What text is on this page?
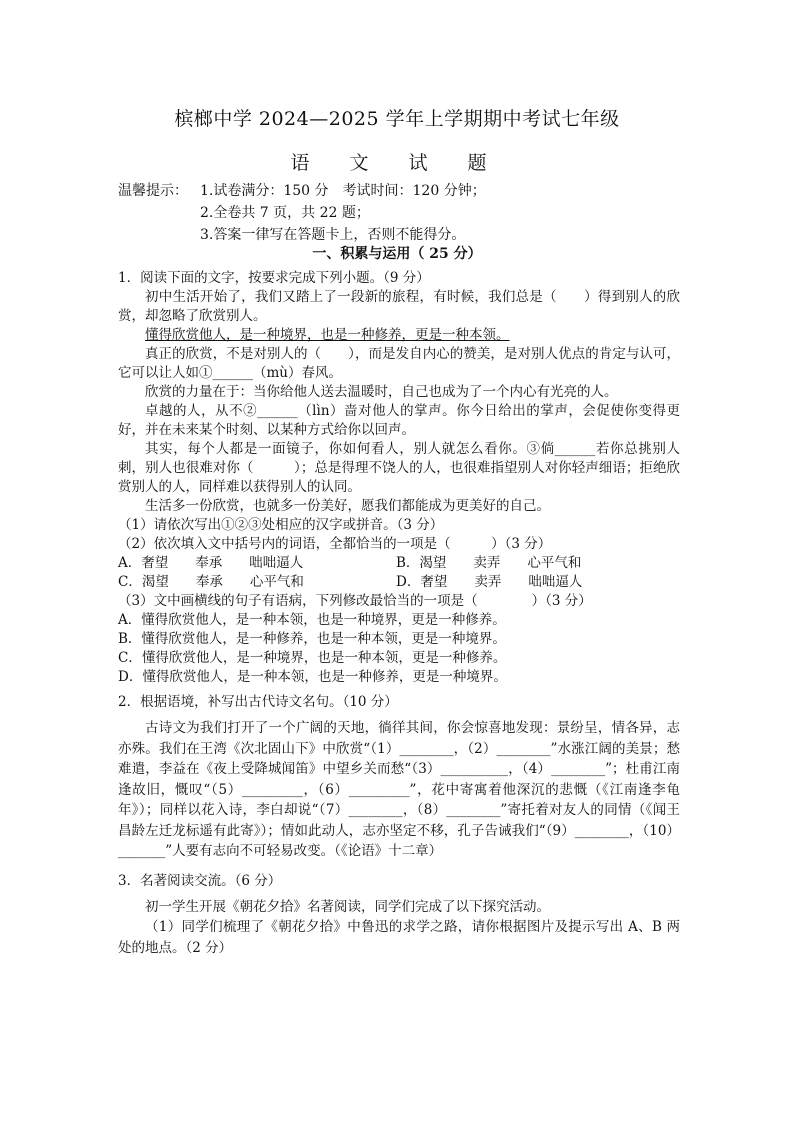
槟榔中学 2024—2025 学年上学期期中考试七年级
语 文 试 题
温馨提示： 1.试卷满分：150 分　考试时间：120 分钟；
2.全卷共 7 页，共 22 题；
3.答案一律写在答题卡上，否则不能得分。
一、积累与运用（ 25 分）

1．阅读下面的文字，按要求完成下列小题。（9 分）

初中生活开始了，我们又踏上了一段新的旅程，有时候，我们总是（　　）得到别人的欣赏，却忽略了欣赏别人。

懂得欣赏他人，是一种境界，也是一种修养，更是一种本领。

真正的欣赏，不是对别人的（　　），而是发自内心的赞美，是对别人优点的肯定与认可，它可以让人如①______（mù）春风。

欣赏的力量在于：当你给他人送去温暖时，自己也成为了一个内心有光亮的人。

卓越的人，从不②______（lìn）啬对他人的掌声。你今日给出的掌声，会促使你变得更好，并在未来某个时刻、以某种方式给你以回声。

其实，每个人都是一面镜子，你如何看人，别人就怎么看你。③倘______若你总挑别人刺，别人也很难对你（　　　）；总是得理不饶人的人，也很难指望别人对你轻声细语；拒绝欣赏别人的人，同样难以获得别人的认同。

生活多一份欣赏，也就多一份美好，愿我们都能成为更美好的自己。

（1）请依次写出①②③处相应的汉字或拼音。（3 分）

（2）依次填入文中括号内的词语，全都恰当的一项是（　　　）（3 分）

A．奢望　　奉承　　咄咄逼人	B．渴望　　卖弄　　心平气和
C．渴望　　奉承　　心平气和	D．奢望　　卖弄　　咄咄逼人

（3）文中画横线的句子有语病，下列修改最恰当的一项是（　　　　）（3 分）

A．懂得欣赏他人，是一种本领，也是一种境界，更是一种修养。

B．懂得欣赏他人，是一种修养，也是一种本领，更是一种境界。

C．懂得欣赏他人，是一种境界，也是一种本领，更是一种修养。

D．懂得欣赏他人，是一种本领，也是一种修养，更是一种境界。

2．根据语境，补写出古代诗文名句。（10 分）

古诗文为我们打开了一个广阔的天地，徜徉其间，你会惊喜地发现：景纷呈，情各异，志亦殊。我们在王湾《次北固山下》中欣赏“（1）________，（2）________”水涨江阔的美景；愁难遣，李益在《夜上受降城闻笛》中望乡关而愁“（3）__________，（4）________”；杜甫江南逢故旧，慨叹“（5）_________，（6）_________”，花中寄寓着他深沉的悲慨（《江南逢李龟年》）；同样以花入诗，李白却说“（7）________，（8）________”寄托着对友人的同情（《闻王昌龄左迁龙标遥有此寄》）；情如此动人，志亦坚定不移，孔子告诫我们“（9）________，（10）_______”人要有志向不可轻易改变。（《论语》十二章）

3．名著阅读交流。（6 分）

初一学生开展《朝花夕拾》名著阅读，同学们完成了以下探究活动。

（1）同学们梳理了《朝花夕拾》中鲁迅的求学之路，请你根据图片及提示写出 A、B 两处的地点。（2 分）
